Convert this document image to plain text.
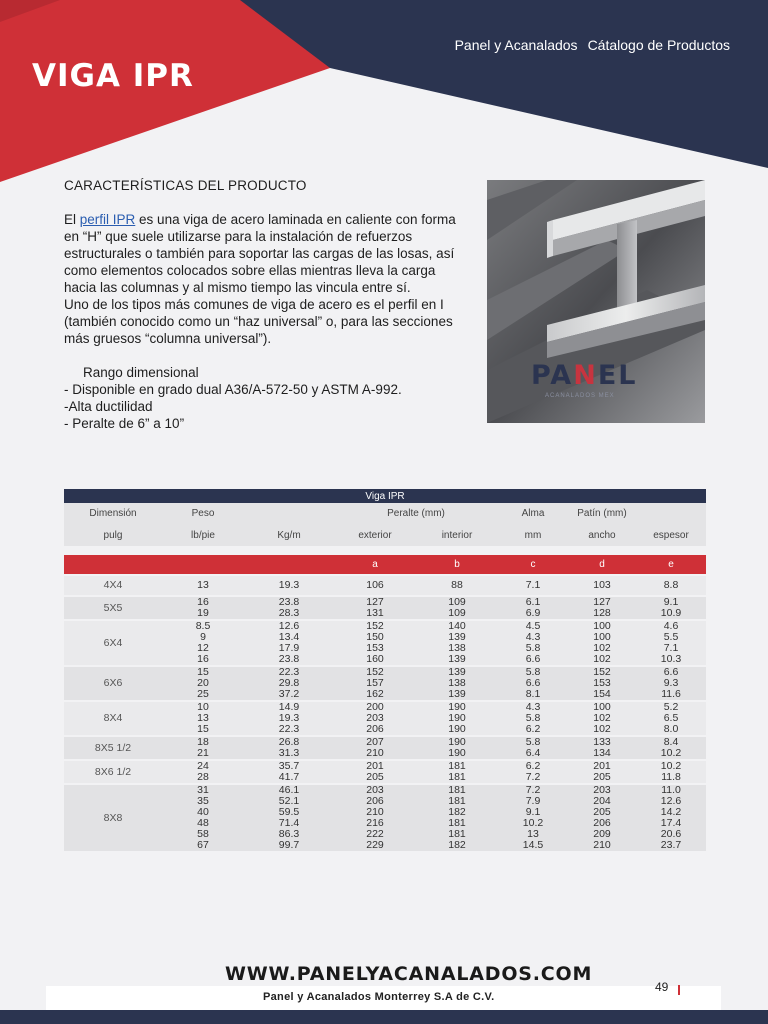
VIGA IPR
Panel y Acanalados Cátalogo de Productos
CARACTERÍSTICAS DEL PRODUCTO

El perfil IPR es una viga de acero laminada en caliente con forma en “H” que suele utilizarse para la instalación de refuerzos estructurales o también para soportar las cargas de las losas, así como elementos colocados sobre ellas mientras lleva la carga hacia las columnas y al mismo tiempo las vincula entre sí.

Uno de los tipos más comunes de viga de acero es el perfil en I (también conocido como un “haz universal” o, para las secciones más gruesos “columna universal”).

Rango dimensional

- Disponible en grado dual A36/A-572-50 y ASTM A-992.

-Alta ductilidad

- Peralte de 6” a 10”

PANEL
ACANALADOS MEX
Viga IPR							
Dimensión	Peso		Peralte (mm)		Alma	Patín (mm)	
pulg	lb/pie	Kg/m	exterior	interior	mm	ancho	espesor

			a	b	c	d	e
4X4	13	19.3	106	88	7.1	103	8.8
5X5	16	23.8	127	109	6.1	127	9.1
	19	28.3	131	109	6.9	128	10.9
6X4	8.5	12.6	152	140	4.5	100	4.6
	9	13.4	150	139	4.3	100	5.5
	12	17.9	153	138	5.8	102	7.1
	16	23.8	160	139	6.6	102	10.3
6X6	15	22.3	152	139	5.8	152	6.6
	20	29.8	157	138	6.6	153	9.3
	25	37.2	162	139	8.1	154	11.6
8X4	10	14.9	200	190	4.3	100	5.2
	13	19.3	203	190	5.8	102	6.5
	15	22.3	206	190	6.2	102	8.0
8X5 1/2	18	26.8	207	190	5.8	133	8.4
	21	31.3	210	190	6.4	134	10.2
8X6 1/2	24	35.7	201	181	6.2	201	10.2
	28	41.7	205	181	7.2	205	11.8
8X8	31	46.1	203	181	7.2	203	11.0
	35	52.1	206	181	7.9	204	12.6
	40	59.5	210	182	9.1	205	14.2
	48	71.4	216	181	10.2	206	17.4
	58	86.3	222	181	13	209	20.6
	67	99.7	229	182	14.5	210	23.7
WWW.PANELYACANALADOS.COM
49
Panel y Acanalados Monterrey S.A de C.V.
